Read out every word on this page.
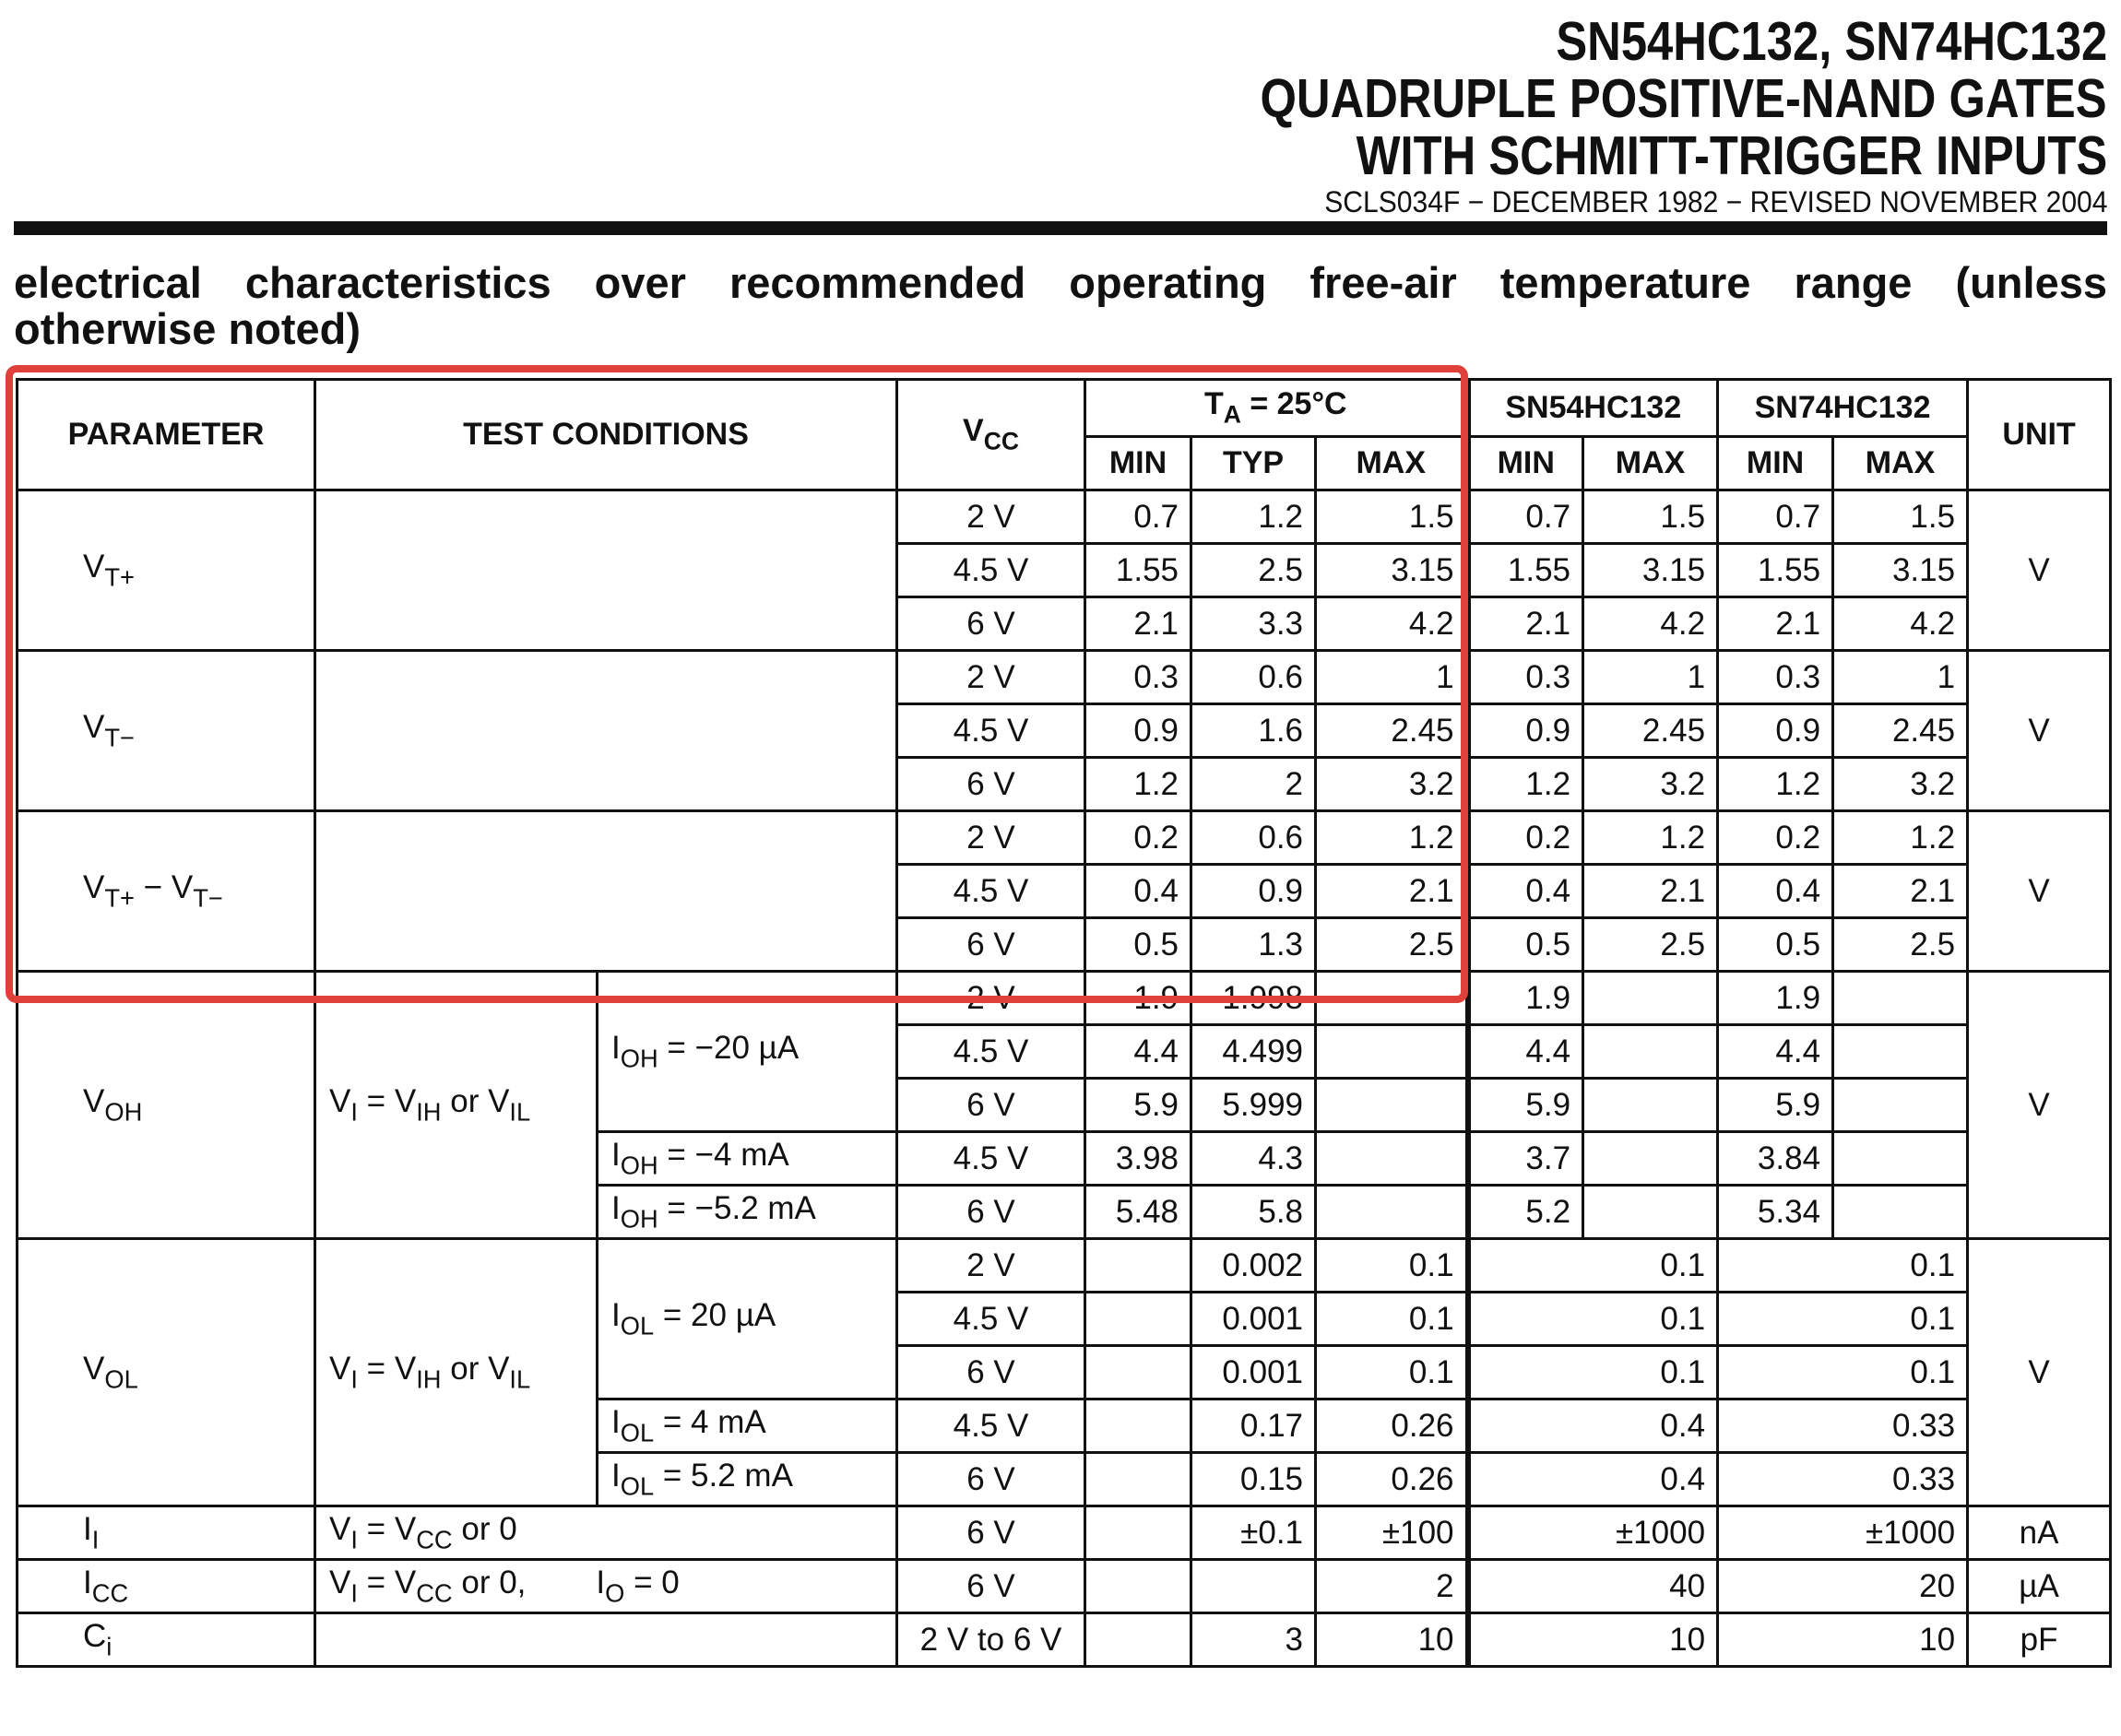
SN54HC132, SN74HC132
QUADRUPLE POSITIVE-NAND GATES
WITH SCHMITT-TRIGGER INPUTS
SCLS034F − DECEMBER 1982 − REVISED NOVEMBER 2004
electrical characteristics over recommended operating free-air temperature range (unless
otherwise noted)
PARAMETER	TEST CONDITIONS		$V_{CC}$	$T_A = 25^\circ C$			SN54HC132		SN74HC132		UNIT
				MIN	TYP	MAX	MIN	MAX	MIN	MAX	
$V_{T+}$			2 V	0.7	1.2	1.5	0.7	1.5	0.7	1.5	V
			4.5 V	1.55	2.5	3.15	1.55	3.15	1.55	3.15	
			6 V	2.1	3.3	4.2	2.1	4.2	2.1	4.2	
$V_{T-}$			2 V	0.3	0.6	1	0.3	1	0.3	1	V
			4.5 V	0.9	1.6	2.45	0.9	2.45	0.9	2.45	
			6 V	1.2	2	3.2	1.2	3.2	1.2	3.2	
$V_{T+} - V_{T-}$			2 V	0.2	0.6	1.2	0.2	1.2	0.2	1.2	V
			4.5 V	0.4	0.9	2.1	0.4	2.1	0.4	2.1	
			6 V	0.5	1.3	2.5	0.5	2.5	0.5	2.5	
$V_{OH}$	$V_I = V_{IH}$ or $V_{IL}$	$I_{OH} = -20$ µA	2 V	1.9	1.998		1.9		1.9		V
			4.5 V	4.4	4.499		4.4		4.4		
			6 V	5.9	5.999		5.9		5.9		
		$I_{OH} = -4$ mA	4.5 V	3.98	4.3		3.7		3.84		
		$I_{OH} = -5.2$ mA	6 V	5.48	5.8		5.2		5.34		
$V_{OL}$	$V_I = V_{IH}$ or $V_{IL}$	$I_{OL} = 20$ µA	2 V		0.002	0.1		0.1		0.1	V
			4.5 V		0.001	0.1		0.1		0.1	
			6 V		0.001	0.1		0.1		0.1	
		$I_{OL} = 4$ mA	4.5 V		0.17	0.26		0.4		0.33	
		$I_{OL} = 5.2$ mA	6 V		0.15	0.26		0.4		0.33	
$I_I$	$V_I = V_{CC}$ or 0		6 V		±0.1	±100	±1000		±1000		nA
$I_{CC}$	$V_I = V_{CC}$ or 0, $I_O = 0$		6 V			2	40		20		µA
$C_i$			2 V to 6 V		3	10	10		10		pF
